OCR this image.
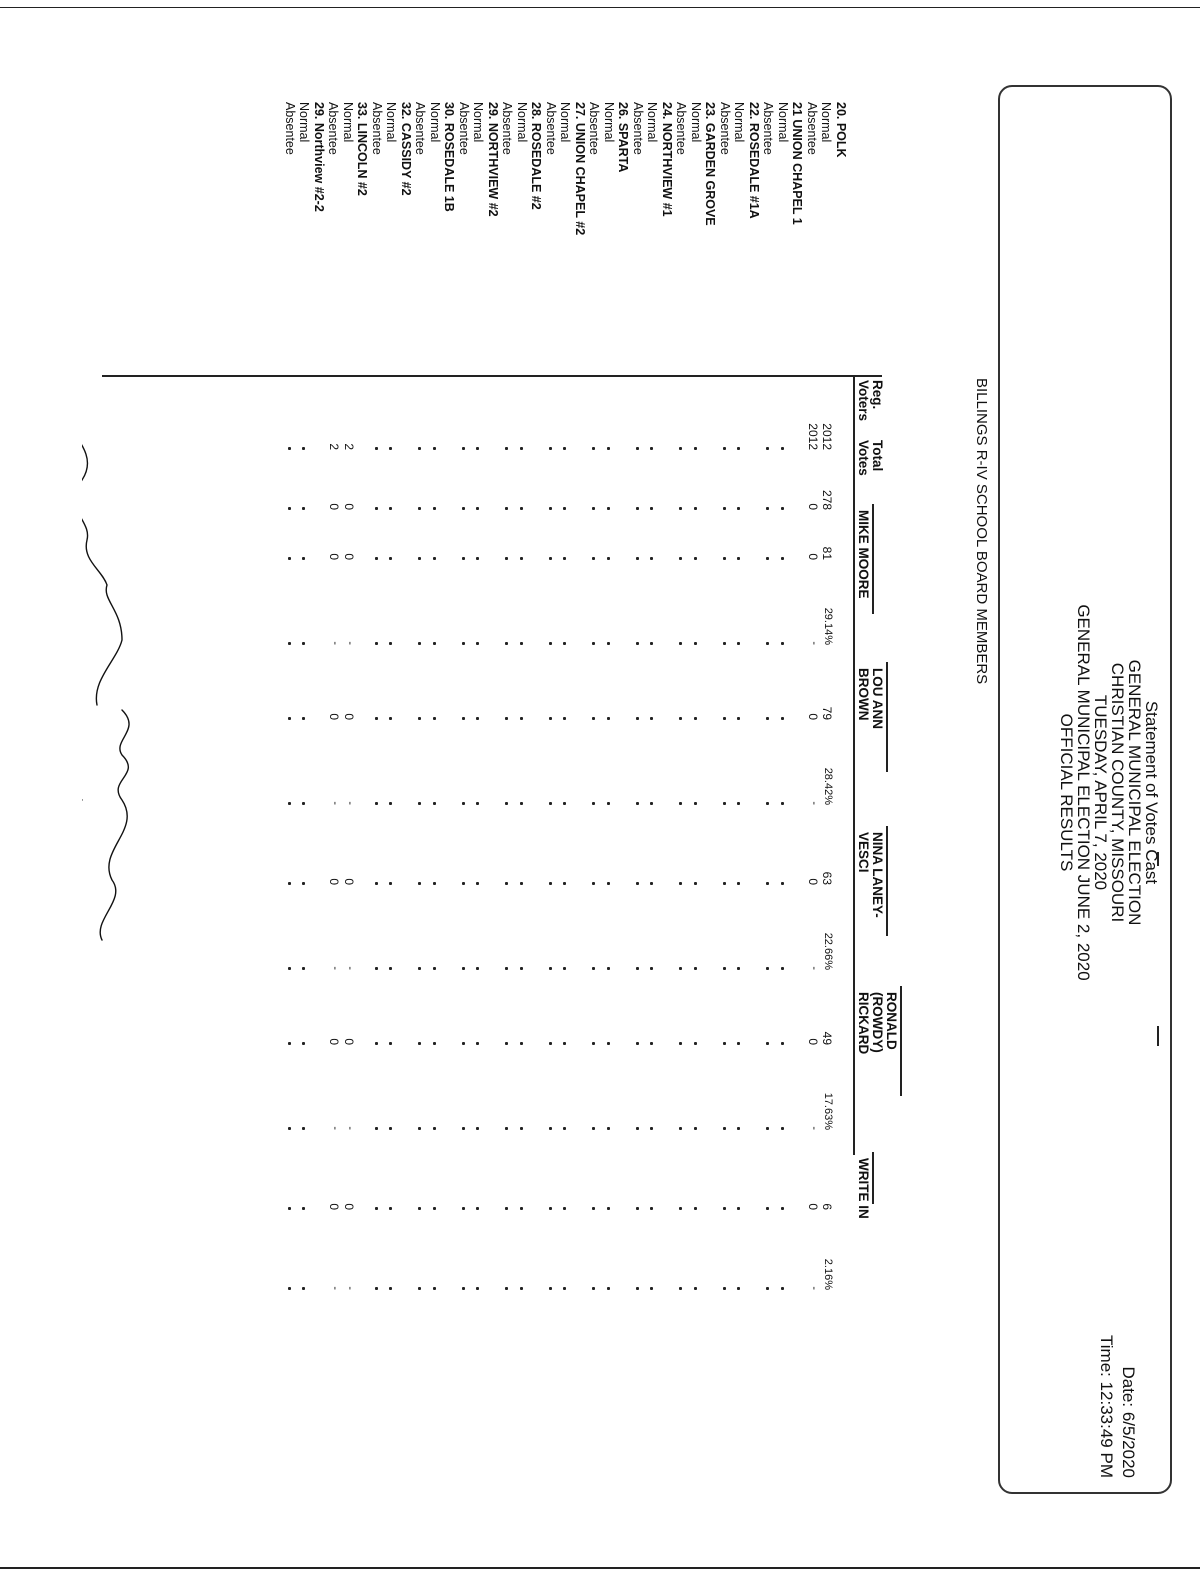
Statement of Votes Cast
GENERAL MUNICIPAL ELECTION
CHRISTIAN COUNTY, MISSOURI
TUESDAY, APRIL 7, 2020
GENERAL MUNICIPAL ELECTION JUNE 2, 2020
OFFICIAL RESULTS
Date: 6/5/2020
Time: 12:33:49 PM
BILLINGS R-IV SCHOOL BOARD MEMBERS
Reg.
Voters
Total
Votes
MIKE MOORE
LOU ANN
BROWN
NINA LANEY-
VESCI
RONALD
(ROWDY)
RICKARD
WRITE IN
20. POLK
Normal
Absentee
21 UNION CHAPEL 1
Normal
Absentee
22. ROSEDALE #1A
Normal
Absentee
23. GARDEN GROVE
Normal
Absentee
24. NORTHVIEW #1
Normal
Absentee
26. SPARTA
Normal
Absentee
27. UNION CHAPEL #2
Normal
Absentee
28. ROSEDALE #2
Normal
Absentee
29. NORTHVIEW #2
Normal
Absentee
30. ROSEDALE 1B
Normal
Absentee
32. CASSIDY #2
Normal
Absentee
33. LINCOLN #2
Normal
Absentee
29. Northview #2-2
Normal
Absentee
2012
278
81
29.14%
79
28.42%
63
22.66%
49
17.63%
6
2.16%
2012
0
0
-
0
-
0
-
0
-
0
-
2
0
0
-
0
-
0
-
0
-
0
-
2
0
0
-
0
-
0
-
0
-
0
-
